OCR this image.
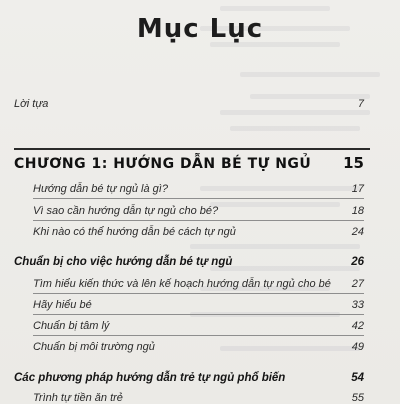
Mục Lục
Lời tựa	7
CHƯƠNG 1: HƯỚNG DẪN BÉ TỰ NGỦ	15
Hướng dẫn bé tự ngủ là gì?	17
Vì sao cần hướng dẫn tự ngủ cho bé?	18
Khi nào có thể hướng dẫn bé cách tự ngủ	24
Chuẩn bị cho việc hướng dẫn bé tự ngủ	26
Tìm hiểu kiến thức và lên kế hoạch hướng dẫn tự ngủ cho bé	27
Hãy hiểu bé	33
Chuẩn bị tâm lý	42
Chuẩn bị môi trường ngủ	49
Các phương pháp hướng dẫn trẻ tự ngủ phổ biến	54
Trình tự tiền ăn trẻ	55
